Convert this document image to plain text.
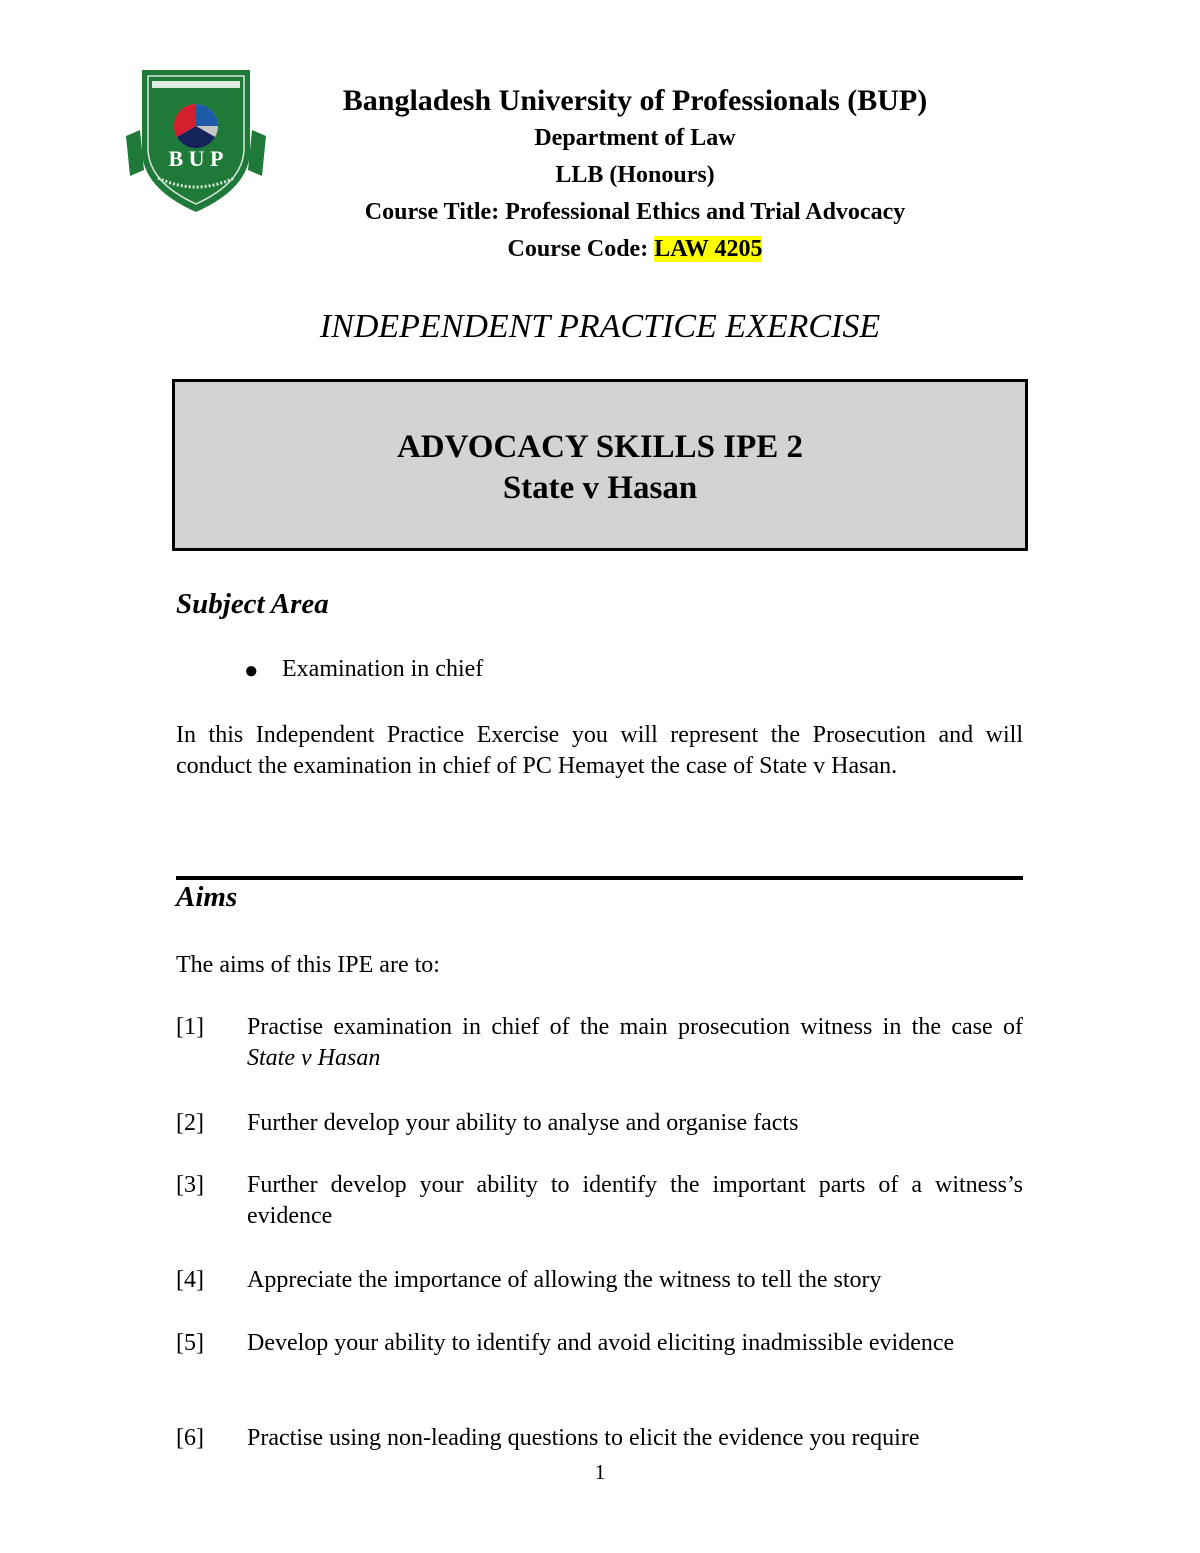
B U P

Bangladesh University of Professionals (BUP)

Department of Law

LLB (Honours)

Course Title: Professional Ethics and Trial Advocacy

Course Code: LAW 4205

INDEPENDENT PRACTICE EXERCISE
ADVOCACY SKILLS IPE 2
State v Hasan
Subject Area
● Examination in chief
In this Independent Practice Exercise you will represent the Prosecution and will conduct the examination in chief of PC Hemayet the case of State v Hasan.
Aims
The aims of this IPE are to:
[1] Practise examination in chief of the main prosecution witness in the case of State v Hasan
[2] Further develop your ability to analyse and organise facts
[3] Further develop your ability to identify the important parts of a witness’s evidence
[4] Appreciate the importance of allowing the witness to tell the story
[5] Develop your ability to identify and avoid eliciting inadmissible evidence
[6] Practise using non-leading questions to elicit the evidence you require
1
